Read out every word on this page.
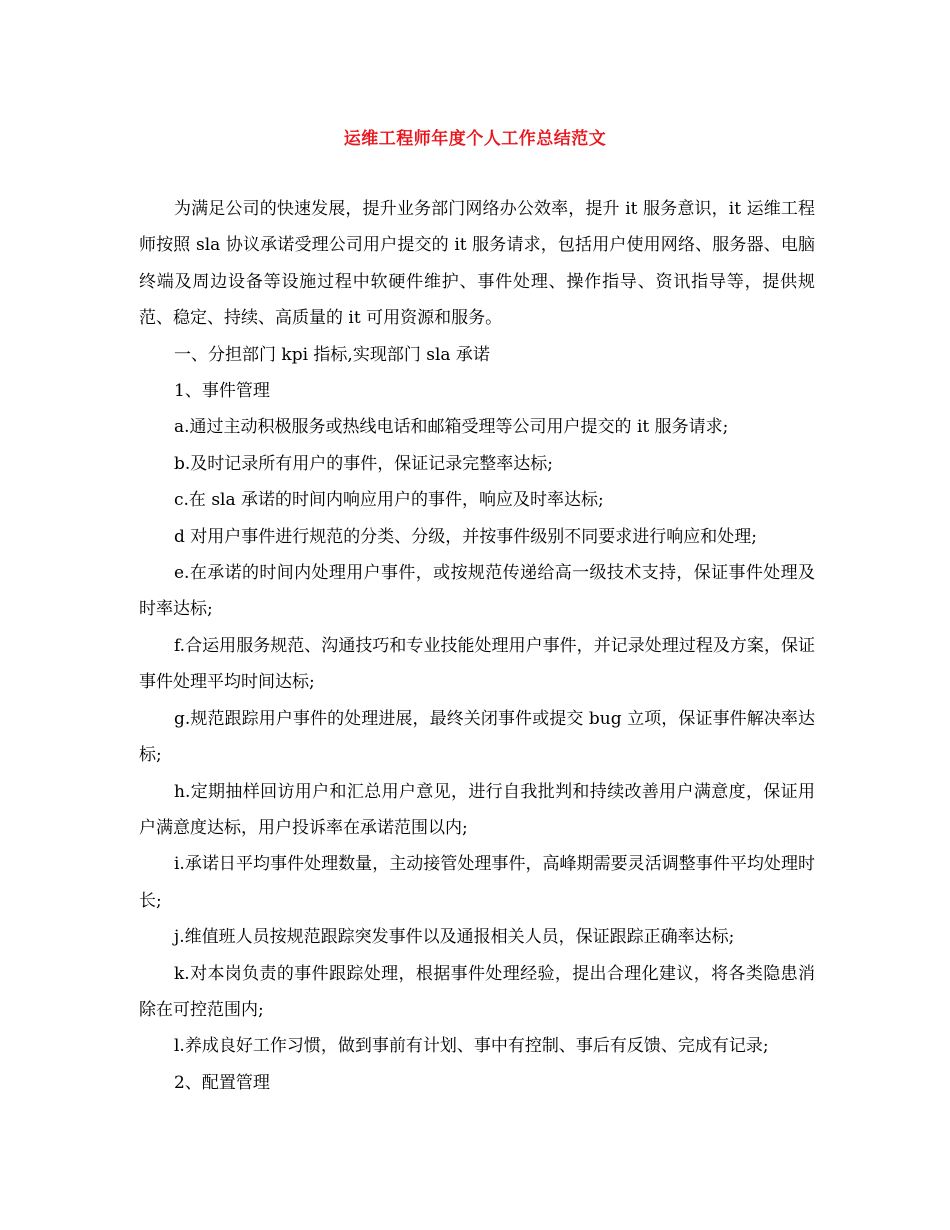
运维工程师年度个人工作总结范文

为满足公司的快速发展，提升业务部门网络办公效率，提升 it 服务意识，it 运维工程师按照 sla 协议承诺受理公司用户提交的 it 服务请求，包括用户使用网络、服务器、电脑终端及周边设备等设施过程中软硬件维护、事件处理、操作指导、资讯指导等，提供规范、稳定、持续、高质量的 it 可用资源和服务。

一、分担部门 kpi 指标,实现部门 sla 承诺

1、事件管理

a.通过主动积极服务或热线电话和邮箱受理等公司用户提交的 it 服务请求;

b.及时记录所有用户的事件，保证记录完整率达标;

c.在 sla 承诺的时间内响应用户的事件，响应及时率达标;

d 对用户事件进行规范的分类、分级，并按事件级别不同要求进行响应和处理;

e.在承诺的时间内处理用户事件，或按规范传递给高一级技术支持，保证事件处理及时率达标;

f.合运用服务规范、沟通技巧和专业技能处理用户事件，并记录处理过程及方案，保证事件处理平均时间达标;

g.规范跟踪用户事件的处理进展，最终关闭事件或提交 bug 立项，保证事件解决率达标;

h.定期抽样回访用户和汇总用户意见，进行自我批判和持续改善用户满意度，保证用户满意度达标，用户投诉率在承诺范围以内;

i.承诺日平均事件处理数量，主动接管处理事件，高峰期需要灵活调整事件平均处理时长;

j.维值班人员按规范跟踪突发事件以及通报相关人员，保证跟踪正确率达标;

k.对本岗负责的事件跟踪处理，根据事件处理经验，提出合理化建议，将各类隐患消除在可控范围内;

l.养成良好工作习惯，做到事前有计划、事中有控制、事后有反馈、完成有记录;

2、配置管理
